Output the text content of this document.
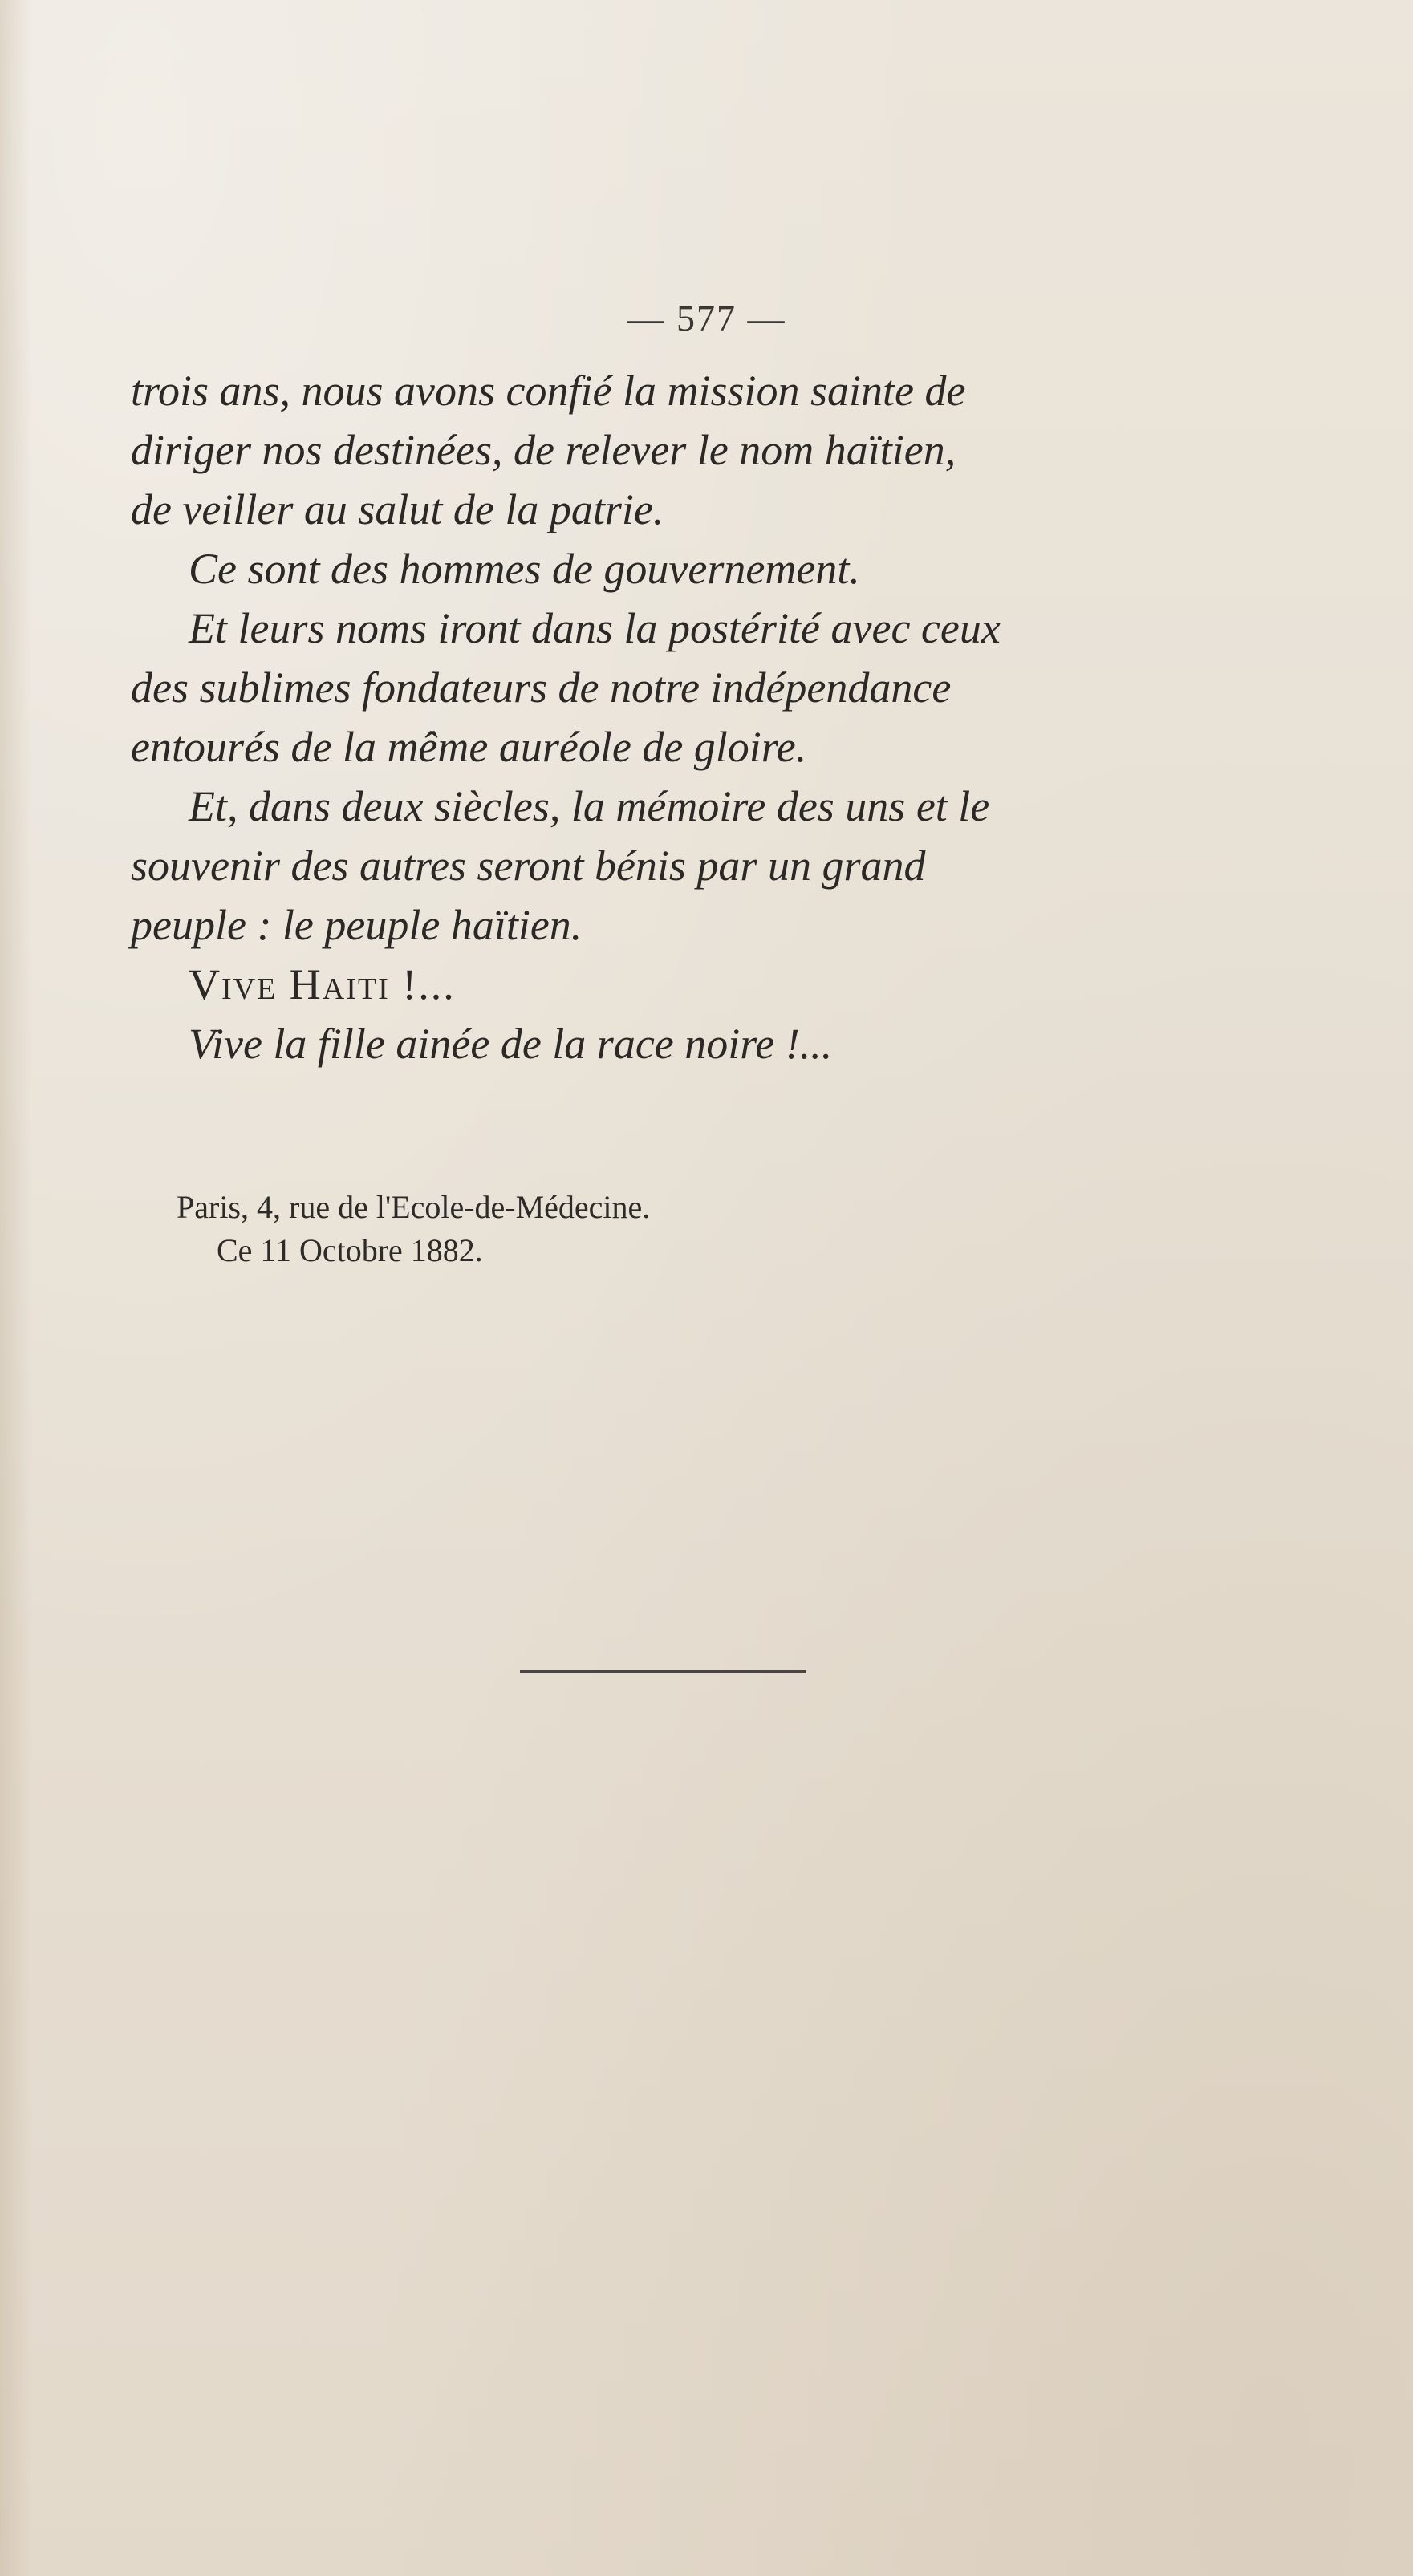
— 577 —
trois ans, nous avons confié la mission sainte de
diriger nos destinées, de relever le nom haïtien,
de veiller au salut de la patrie.
Ce sont des hommes de gouvernement.
Et leurs noms iront dans la postérité avec ceux
des sublimes fondateurs de notre indépendance
entourés de la même auréole de gloire.
Et, dans deux siècles, la mémoire des uns et le
souvenir des autres seront bénis par un grand
peuple : le peuple haïtien.
Vive Haiti !...
Vive la fille ainée de la race noire !...
Paris, 4, rue de l'Ecole-de-Médecine.
Ce 11 Octobre 1882.
